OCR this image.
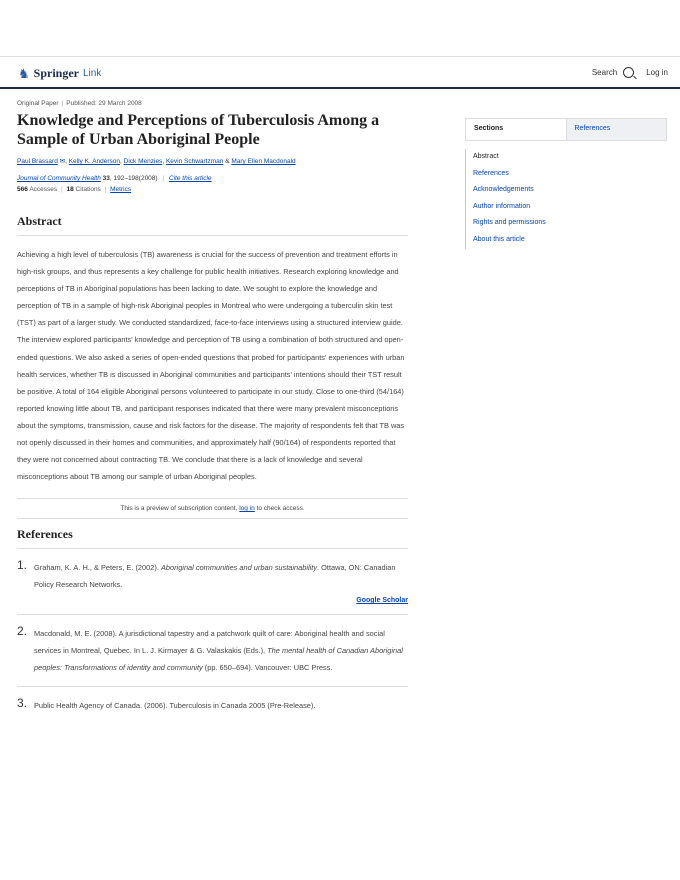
♞ Springer Link	Search	Log in
Original Paper | Published: 29 March 2008
Knowledge and Perceptions of Tuberculosis Among a Sample of Urban Aboriginal People
Paul Brassard ✉, Kelly K. Anderson, Dick Menzies, Kevin Schwartzman & Mary Ellen Macdonald
Journal of Community Health 33, 192–198(2008) | Cite this article
566 Accesses | 18 Citations | Metrics
Abstract

Achieving a high level of tuberculosis (TB) awareness is crucial for the success of prevention and treatment efforts in high-risk groups, and thus represents a key challenge for public health initiatives. Research exploring knowledge and perceptions of TB in Aboriginal populations has been lacking to date. We sought to explore the knowledge and perception of TB in a sample of high-risk Aboriginal peoples in Montreal who were undergoing a tuberculin skin test (TST) as part of a larger study. We conducted standardized, face-to-face interviews using a structured interview guide. The interview explored participants' knowledge and perception of TB using a combination of both structured and open-ended questions. We also asked a series of open-ended questions that probed for participants' experiences with urban health services, whether TB is discussed in Aboriginal communities and participants' intentions should their TST result be positive. A total of 164 eligible Aboriginal persons volunteered to participate in our study. Close to one-third (54/164) reported knowing little about TB, and participant responses indicated that there were many prevalent misconceptions about the symptoms, transmission, cause and risk factors for the disease. The majority of respondents felt that TB was not openly discussed in their homes and communities, and approximately half (90/164) of respondents reported that they were not concerned about contracting TB. We conclude that there is a lack of knowledge and several misconceptions about TB among our sample of urban Aboriginal peoples.

This is a preview of subscription content, log in to check access.
References
1. Graham, K. A. H., & Peters, E. (2002). Aboriginal communities and urban sustainability. Ottawa, ON: Canadian Policy Research Networks.
Google Scholar
2. Macdonald, M. E. (2008). A jurisdictional tapestry and a patchwork quilt of care: Aboriginal health and social services in Montreal, Quebec. In L. J. Kirmayer & G. Valaskakis (Eds.), The mental health of Canadian Aboriginal peoples: Transformations of identity and community (pp. 650–694). Vancouver: UBC Press.
3. Public Health Agency of Canada. (2006). Tuberculosis in Canada 2005 (Pre-Release).
Sections	References
Abstract
References
Acknowledgements
Author information
Rights and permissions
About this article
